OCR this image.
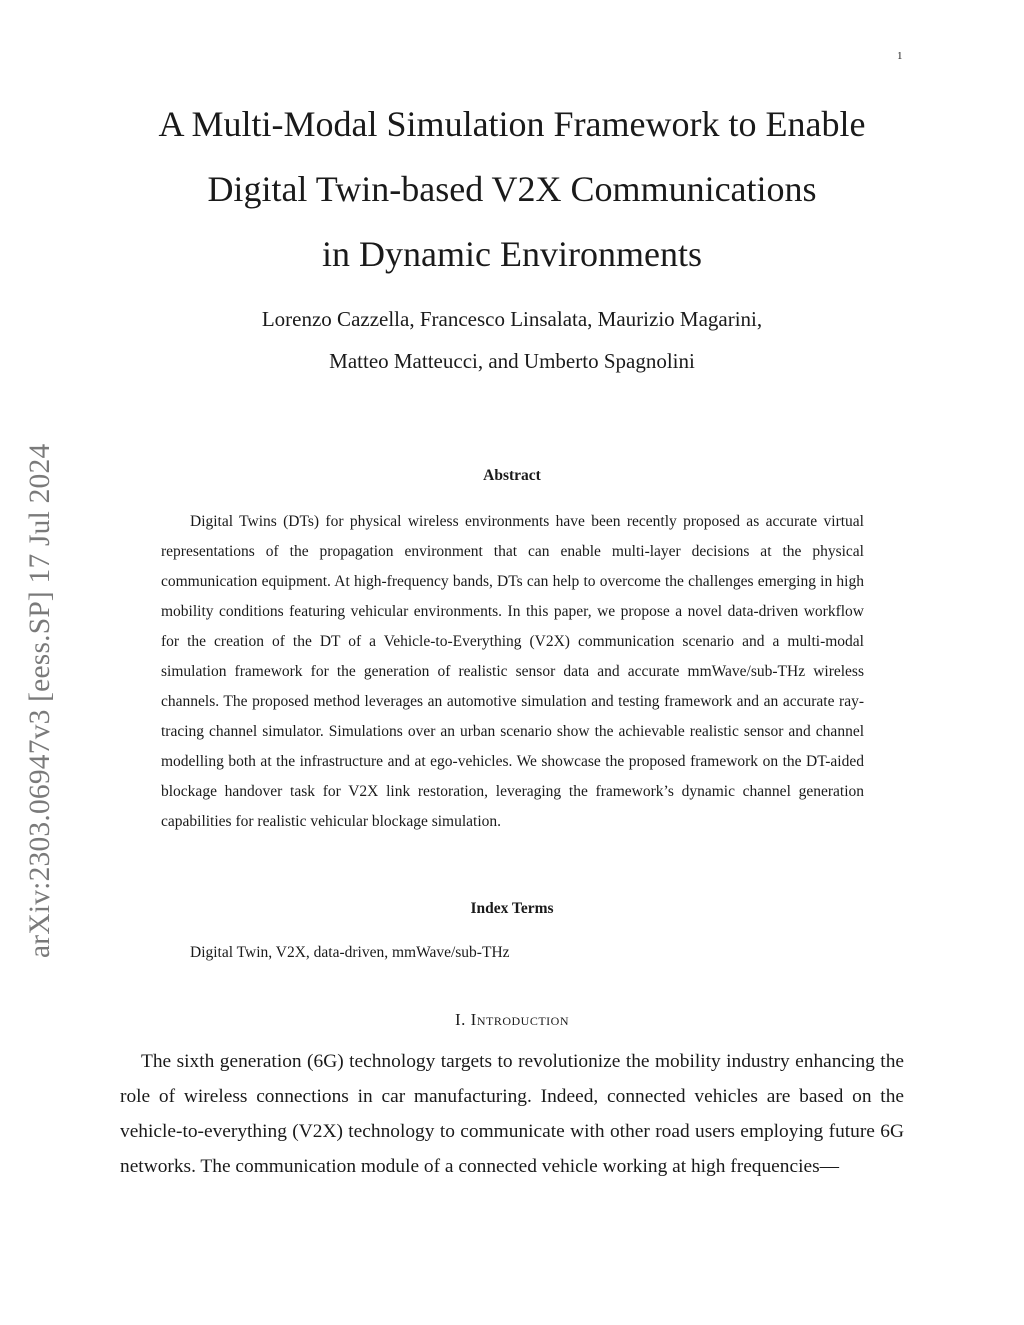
1
arXiv:2303.06947v3 [eess.SP] 17 Jul 2024
A Multi-Modal Simulation Framework to Enable
Digital Twin-based V2X Communications
in Dynamic Environments
Lorenzo Cazzella, Francesco Linsalata, Maurizio Magarini,
Matteo Matteucci, and Umberto Spagnolini
Abstract

Digital Twins (DTs) for physical wireless environments have been recently proposed as accurate virtual representations of the propagation environment that can enable multi-layer decisions at the physical communication equipment. At high-frequency bands, DTs can help to overcome the challenges emerging in high mobility conditions featuring vehicular environments. In this paper, we propose a novel data-driven workflow for the creation of the DT of a Vehicle-to-Everything (V2X) communication scenario and a multi-modal simulation framework for the generation of realistic sensor data and accurate mmWave/sub-THz wireless channels. The proposed method leverages an automotive simulation and testing framework and an accurate ray-tracing channel simulator. Simulations over an urban scenario show the achievable realistic sensor and channel modelling both at the infrastructure and at ego-vehicles. We showcase the proposed framework on the DT-aided blockage handover task for V2X link restoration, leveraging the framework’s dynamic channel generation capabilities for realistic vehicular blockage simulation.

Index Terms
Digital Twin, V2X, data-driven, mmWave/sub-THz
I. Introduction

The sixth generation (6G) technology targets to revolutionize the mobility industry enhancing the role of wireless connections in car manufacturing. Indeed, connected vehicles are based on the vehicle-to-everything (V2X) technology to communicate with other road users employing future 6G networks. The communication module of a connected vehicle working at high frequencies—
